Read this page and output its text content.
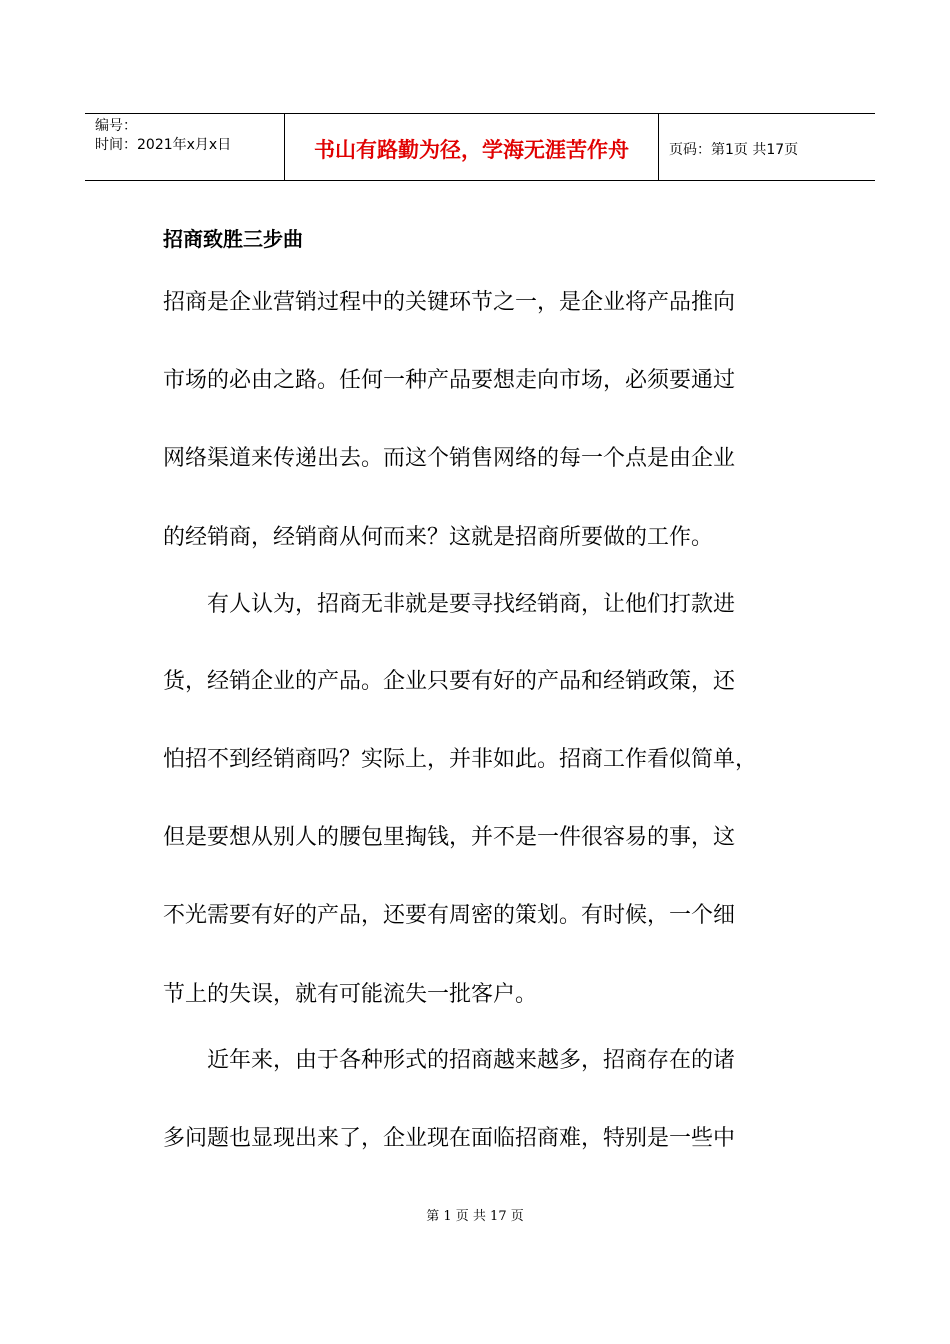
编号：
时间：2021年x月x日	书山有路勤为径，学海无涯苦作舟	页码：第1页 共17页
招商致胜三步曲

招商是企业营销过程中的关键环节之一，是企业将产品推向

市场的必由之路。任何一种产品要想走向市场，必须要通过

网络渠道来传递出去。而这个销售网络的每一个点是由企业

的经销商，经销商从何而来？这就是招商所要做的工作。

　　有人认为，招商无非就是要寻找经销商，让他们打款进

货，经销企业的产品。企业只要有好的产品和经销政策，还

怕招不到经销商吗？实际上，并非如此。招商工作看似简单，

但是要想从别人的腰包里掏钱，并不是一件很容易的事，这

不光需要有好的产品，还要有周密的策划。有时候，一个细

节上的失误，就有可能流失一批客户。

　　近年来，由于各种形式的招商越来越多，招商存在的诸

多问题也显现出来了，企业现在面临招商难，特别是一些中

第 1 页 共 17 页
